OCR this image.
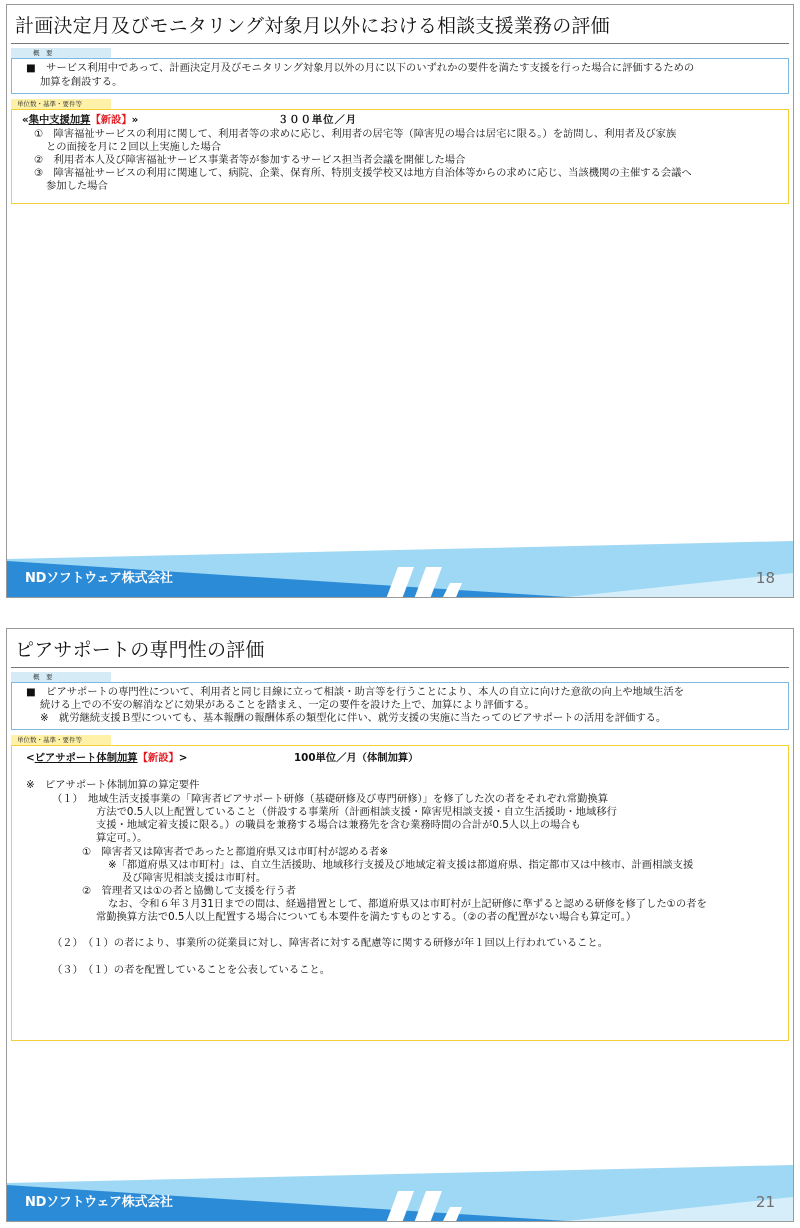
計画決定月及びモニタリング対象月以外における相談支援業務の評価
概　要
■　サービス利用中であって、計画決定月及びモニタリング対象月以外の月に以下のいずれかの要件を満たす支援を行った場合に評価するための
加算を創設する。
単位数・基準・要件等
«集中支援加算【新設】»	３００単位／月
①　障害福祉サービスの利用に関して、利用者等の求めに応じ、利用者の居宅等（障害児の場合は居宅に限る。）を訪問し、利用者及び家族
との面接を月に２回以上実施した場合
②　利用者本人及び障害福祉サービス事業者等が参加するサービス担当者会議を開催した場合
③　障害福祉サービスの利用に関連して、病院、企業、保育所、特別支援学校又は地方自治体等からの求めに応じ、当該機関の主催する会議へ
参加した場合
NDソフトウェア株式会社	18
ピアサポートの専門性の評価
概　要
■　ピアサポートの専門性について、利用者と同じ目線に立って相談・助言等を行うことにより、本人の自立に向けた意欲の向上や地域生活を
続ける上での不安の解消などに効果があることを踏まえ、一定の要件を設けた上で、加算により評価する。
※　就労継続支援Ｂ型についても、基本報酬の報酬体系の類型化に伴い、就労支援の実施に当たってのピアサポートの活用を評価する。
単位数・基準・要件等
<ピアサポート体制加算【新設】>	100単位／月（体制加算）
※　ピアサポート体制加算の算定要件
（１）　地域生活支援事業の「障害者ピアサポート研修（基礎研修及び専門研修）」を修了した次の者をそれぞれ常勤換算
方法で0.5人以上配置していること（併設する事業所（計画相談支援・障害児相談支援・自立生活援助・地域移行
支援・地域定着支援に限る。）の職員を兼務する場合は兼務先を含む業務時間の合計が0.5人以上の場合も
算定可。）。
①　障害者又は障害者であったと都道府県又は市町村が認める者※
※「都道府県又は市町村」は、自立生活援助、地域移行支援及び地域定着支援は都道府県、指定都市又は中核市、計画相談支援
及び障害児相談支援は市町村。
②　管理者又は①の者と協働して支援を行う者
なお、令和６年３月31日までの間は、経過措置として、都道府県又は市町村が上記研修に準ずると認める研修を修了した①の者を
常勤換算方法で0.5人以上配置する場合についても本要件を満たすものとする。（②の者の配置がない場合も算定可。）
（２）　（１）の者により、事業所の従業員に対し、障害者に対する配慮等に関する研修が年１回以上行われていること。
（３）　（１）の者を配置していることを公表していること。
NDソフトウェア株式会社	21
